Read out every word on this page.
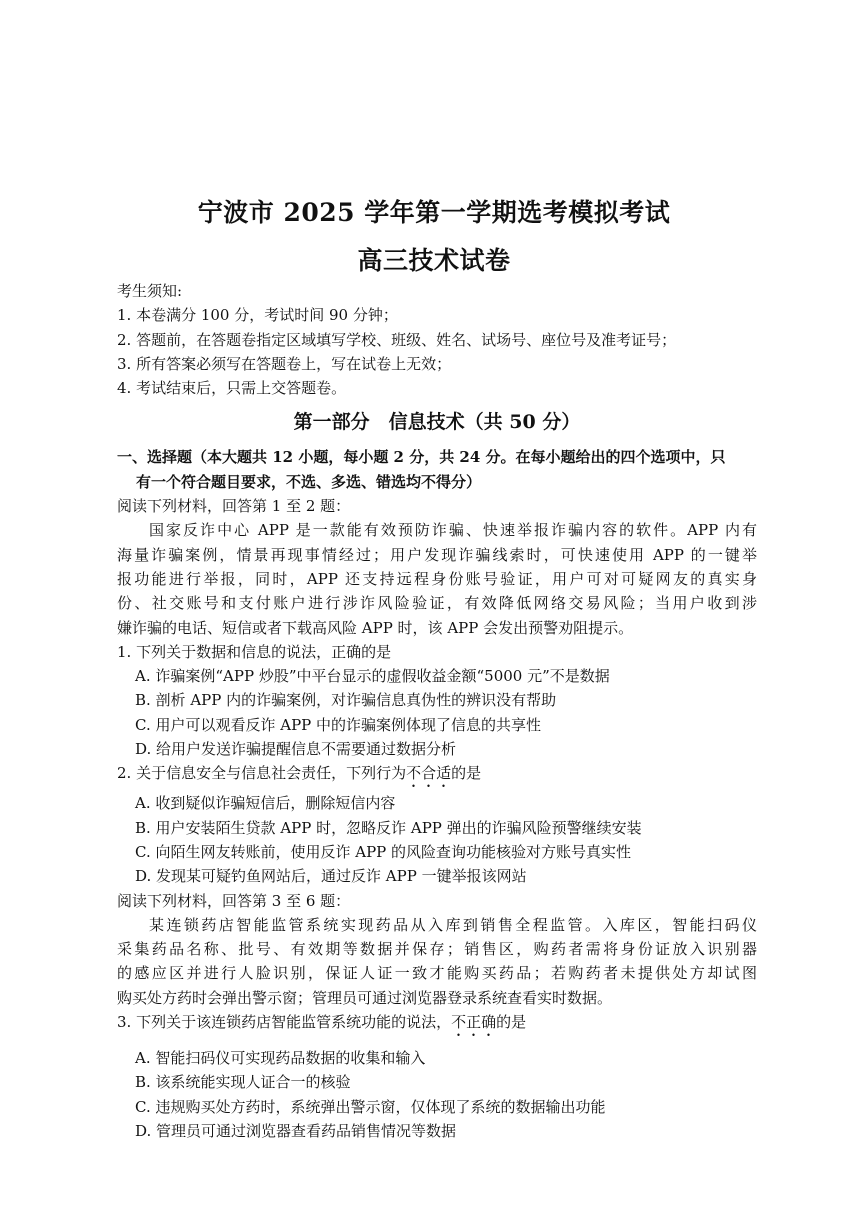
宁波市 2025 学年第一学期选考模拟考试
高三技术试卷
考生须知:
1. 本卷满分 100 分，考试时间 90 分钟；
2. 答题前，在答题卷指定区域填写学校、班级、姓名、试场号、座位号及准考证号；
3. 所有答案必须写在答题卷上，写在试卷上无效；
4. 考试结束后，只需上交答题卷。
第一部分　信息技术（共 50 分）
一、选择题（本大题共 12 小题，每小题 2 分，共 24 分。在每小题给出的四个选项中，只
有一个符合题目要求，不选、多选、错选均不得分）
阅读下列材料，回答第 1 至 2 题：
国家反诈中心 APP 是一款能有效预防诈骗、快速举报诈骗内容的软件。APP 内有
海量诈骗案例，情景再现事情经过；用户发现诈骗线索时，可快速使用 APP 的一键举
报功能进行举报，同时，APP 还支持远程身份账号验证，用户可对可疑网友的真实身
份、社交账号和支付账户进行涉诈风险验证，有效降低网络交易风险；当用户收到涉
嫌诈骗的电话、短信或者下载高风险 APP 时，该 APP 会发出预警劝阻提示。
1. 下列关于数据和信息的说法，正确的是
A. 诈骗案例“APP 炒股”中平台显示的虚假收益金额“5000 元”不是数据
B. 剖析 APP 内的诈骗案例，对诈骗信息真伪性的辨识没有帮助
C. 用户可以观看反诈 APP 中的诈骗案例体现了信息的共享性
D. 给用户发送诈骗提醒信息不需要通过数据分析
2. 关于信息安全与信息社会责任，下列行为不合适的是
A. 收到疑似诈骗短信后，删除短信内容
B. 用户安装陌生贷款 APP 时，忽略反诈 APP 弹出的诈骗风险预警继续安装
C. 向陌生网友转账前，使用反诈 APP 的风险查询功能核验对方账号真实性
D. 发现某可疑钓鱼网站后，通过反诈 APP 一键举报该网站
阅读下列材料，回答第 3 至 6 题：
某连锁药店智能监管系统实现药品从入库到销售全程监管。入库区，智能扫码仪
采集药品名称、批号、有效期等数据并保存；销售区，购药者需将身份证放入识别器
的感应区并进行人脸识别，保证人证一致才能购买药品；若购药者未提供处方却试图
购买处方药时会弹出警示窗；管理员可通过浏览器登录系统查看实时数据。
3. 下列关于该连锁药店智能监管系统功能的说法，不正确的是
A. 智能扫码仪可实现药品数据的收集和输入
B. 该系统能实现人证合一的核验
C. 违规购买处方药时，系统弹出警示窗，仅体现了系统的数据输出功能
D. 管理员可通过浏览器查看药品销售情况等数据
